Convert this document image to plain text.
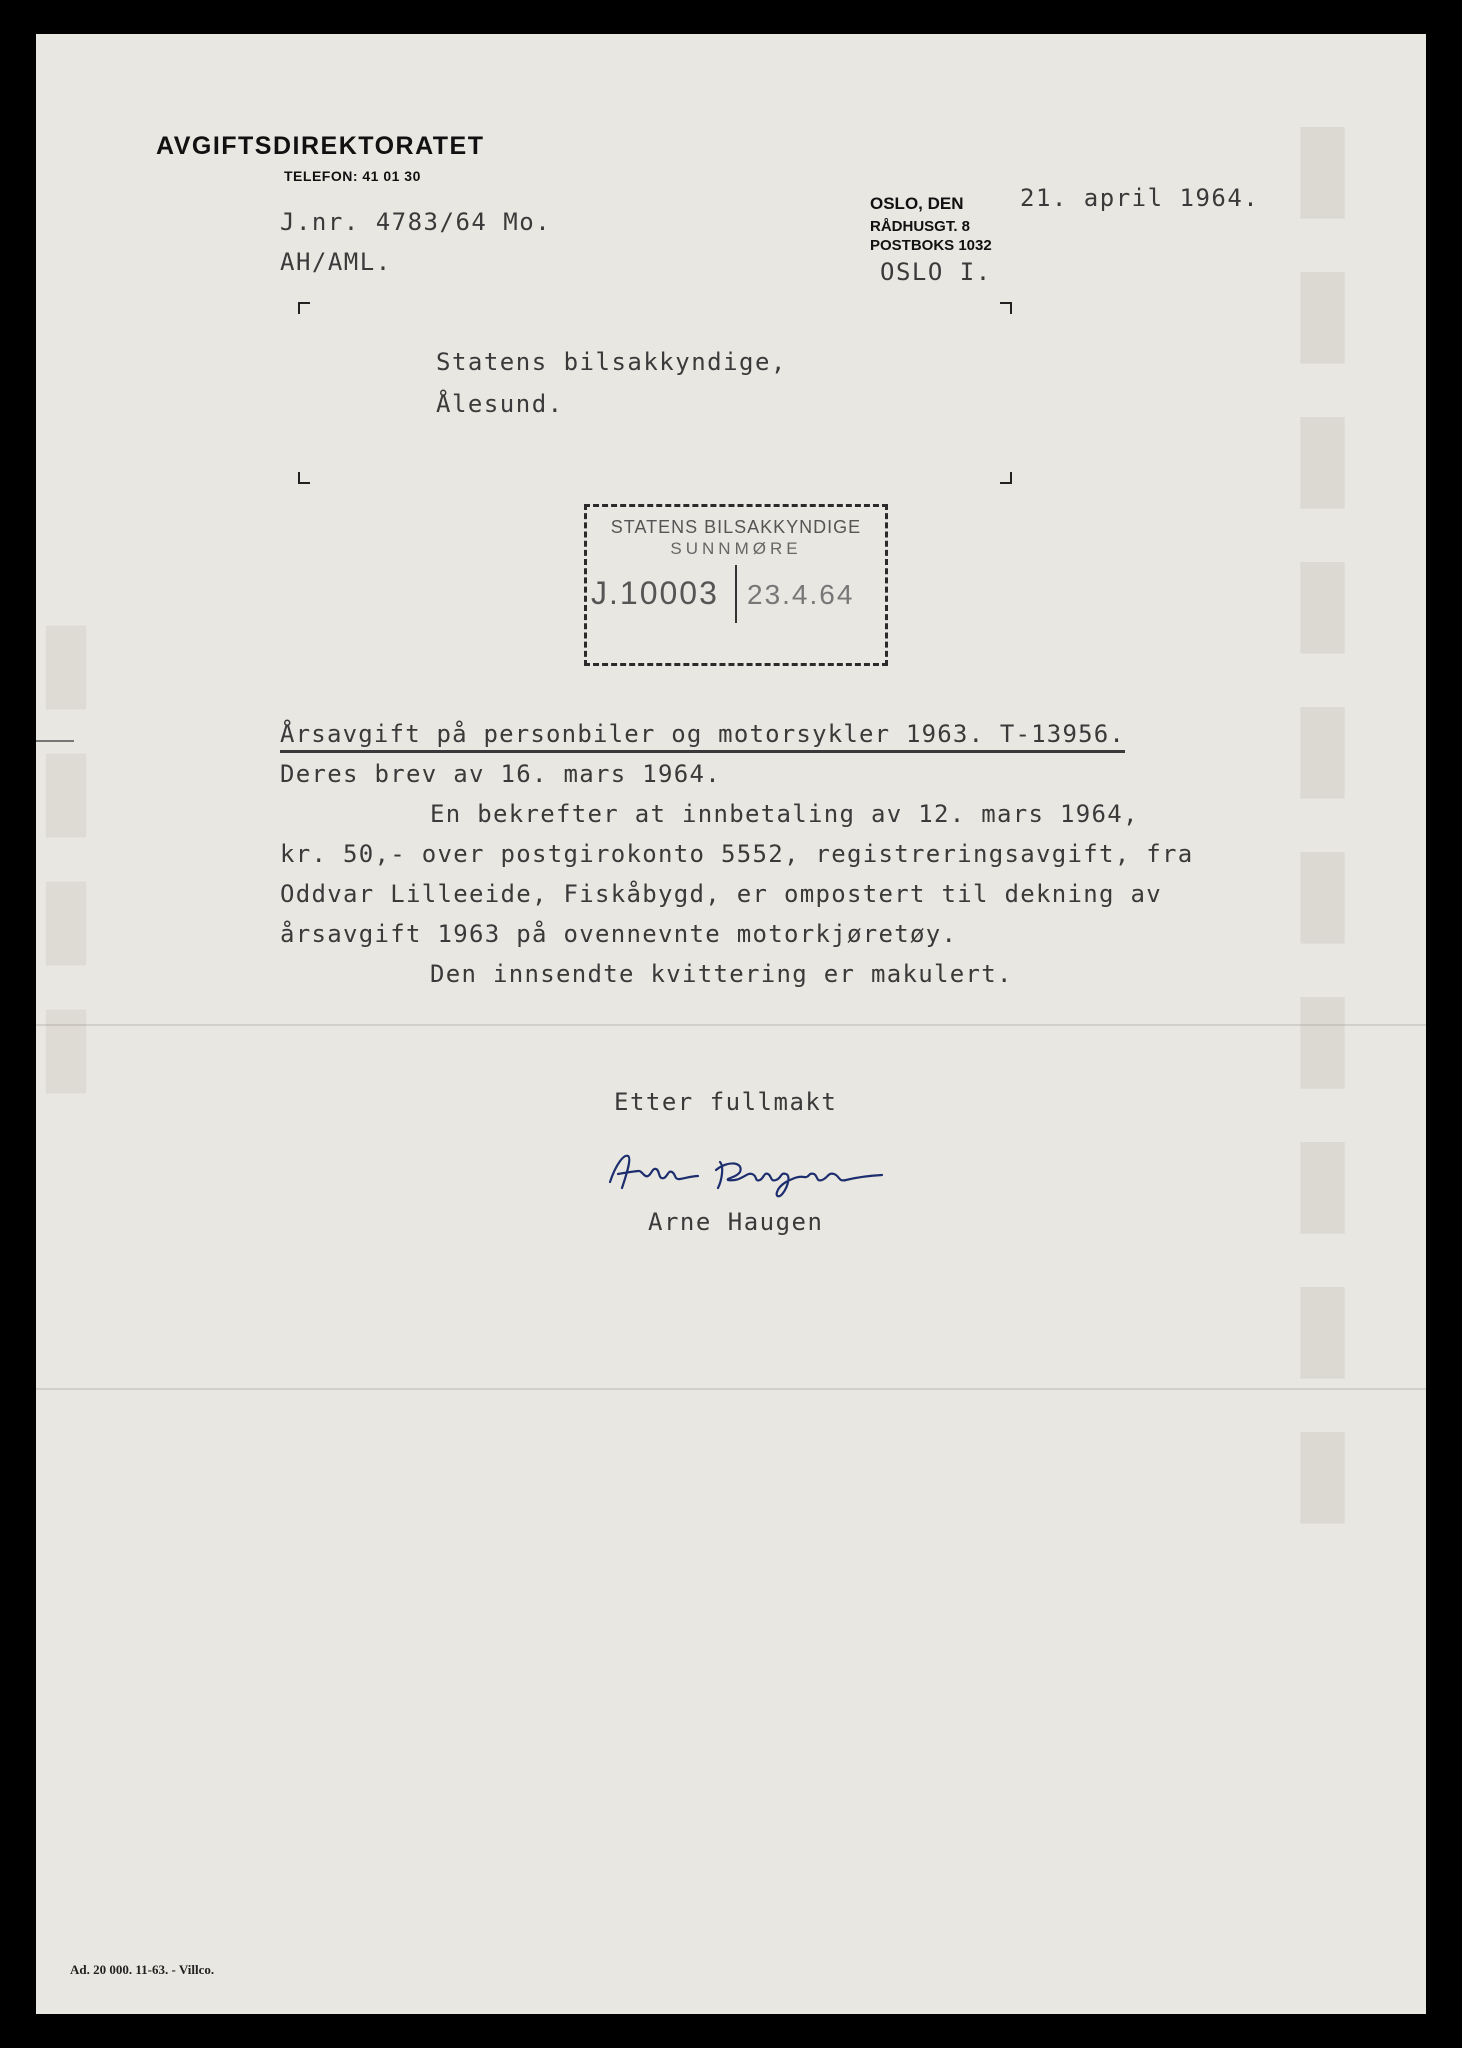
▮▮▮▮▮▮▮▮▮▮
▮▮▮▮
AVGIFTSDIREKTORATET
TELEFON: 41 01 30
J.nr. 4783/64 Mo.
AH/AML.
OSLO, DEN 21. april 1964.
RÅDHUSGT. 8
POSTBOKS 1032
OSLO I.
Statens bilsakkyndige,
Ålesund.
STATENS BILSAKKYNDIGE
SUNNMØRE
J.10003 23.4.64
Årsavgift på personbiler og motorsykler 1963. T-13956.
Deres brev av 16. mars 1964.
En bekrefter at innbetaling av 12. mars 1964,
kr. 50,- over postgirokonto 5552, registreringsavgift, fra
Oddvar Lilleeide, Fiskåbygd, er ompostert til dekning av
årsavgift 1963 på ovennevnte motorkjøretøy.
Den innsendte kvittering er makulert.
Etter fullmakt
Arne Haugen
Ad. 20 000. 11-63. - Villco.
